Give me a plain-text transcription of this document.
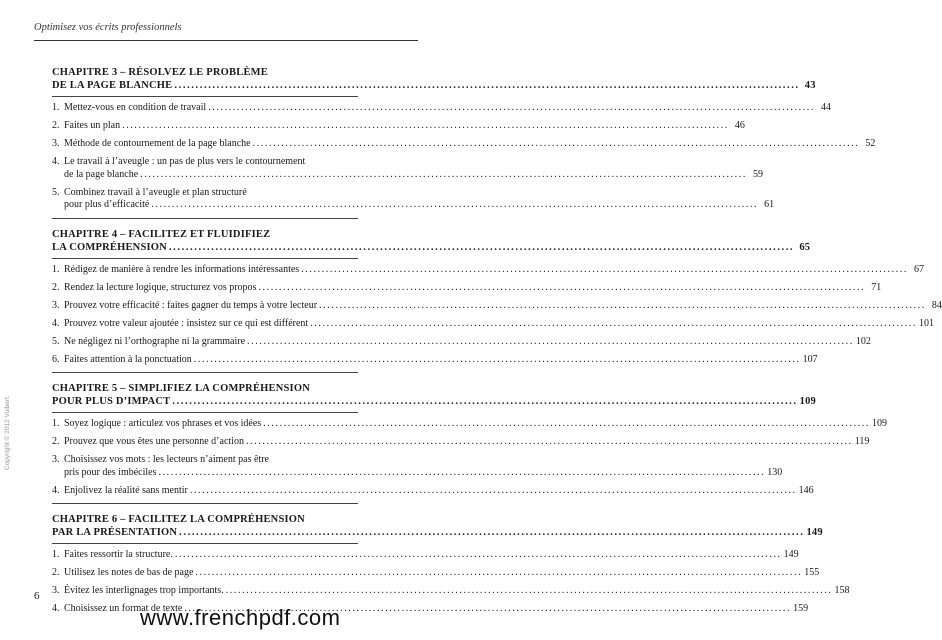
Optimisez vos écrits professionnels
Copyright © 2012 Vuibert.
CHAPITRE 3 – RÉSOLVEZ LE PROBLÈME
DE LA PAGE BLANCHE .....	43
1. Mettez-vous en condition de travail .....	44
2. Faites un plan .....	46
3. Méthode de contournement de la page blanche .....	52
4. Le travail à l’aveugle : un pas de plus vers le contournement
de la page blanche .....	59
5. Combinez travail à l’aveugle et plan structuré
pour plus d’efficacité .....	61
CHAPITRE 4 – FACILITEZ ET FLUIDIFIEZ
LA COMPRÉHENSION .....	65
1. Rédigez de manière à rendre les informations intéressantes .....	67
2. Rendez la lecture logique, structurez vos propos .....	71
3. Prouvez votre efficacité : faites gagner du temps à votre lecteur .....	84
4. Prouvez votre valeur ajoutée : insistez sur ce qui est différent .....	101
5. Ne négligez ni l’orthographe ni la grammaire .....	102
6. Faites attention à la ponctuation .....	107
CHAPITRE 5 – SIMPLIFIEZ LA COMPRÉHENSION
POUR PLUS D’IMPACT .....	109
1. Soyez logique : articulez vos phrases et vos idées .....	109
2. Prouvez que vous êtes une personne d’action .....	119
3. Choisissez vos mots : les lecteurs n’aiment pas être
pris pour des imbéciles .....	130
4. Enjolivez la réalité sans mentir .....	146
CHAPITRE 6 – FACILITEZ LA COMPRÉHENSION
PAR LA PRÉSENTATION .....	149
1. Faites ressortir la structure. .....	149
2. Utilisez les notes de bas de page .....	155
3. Évitez les interlignages trop importants. .....	158
4. Choisissez un format de texte .....	159
6
www.frenchpdf.com
